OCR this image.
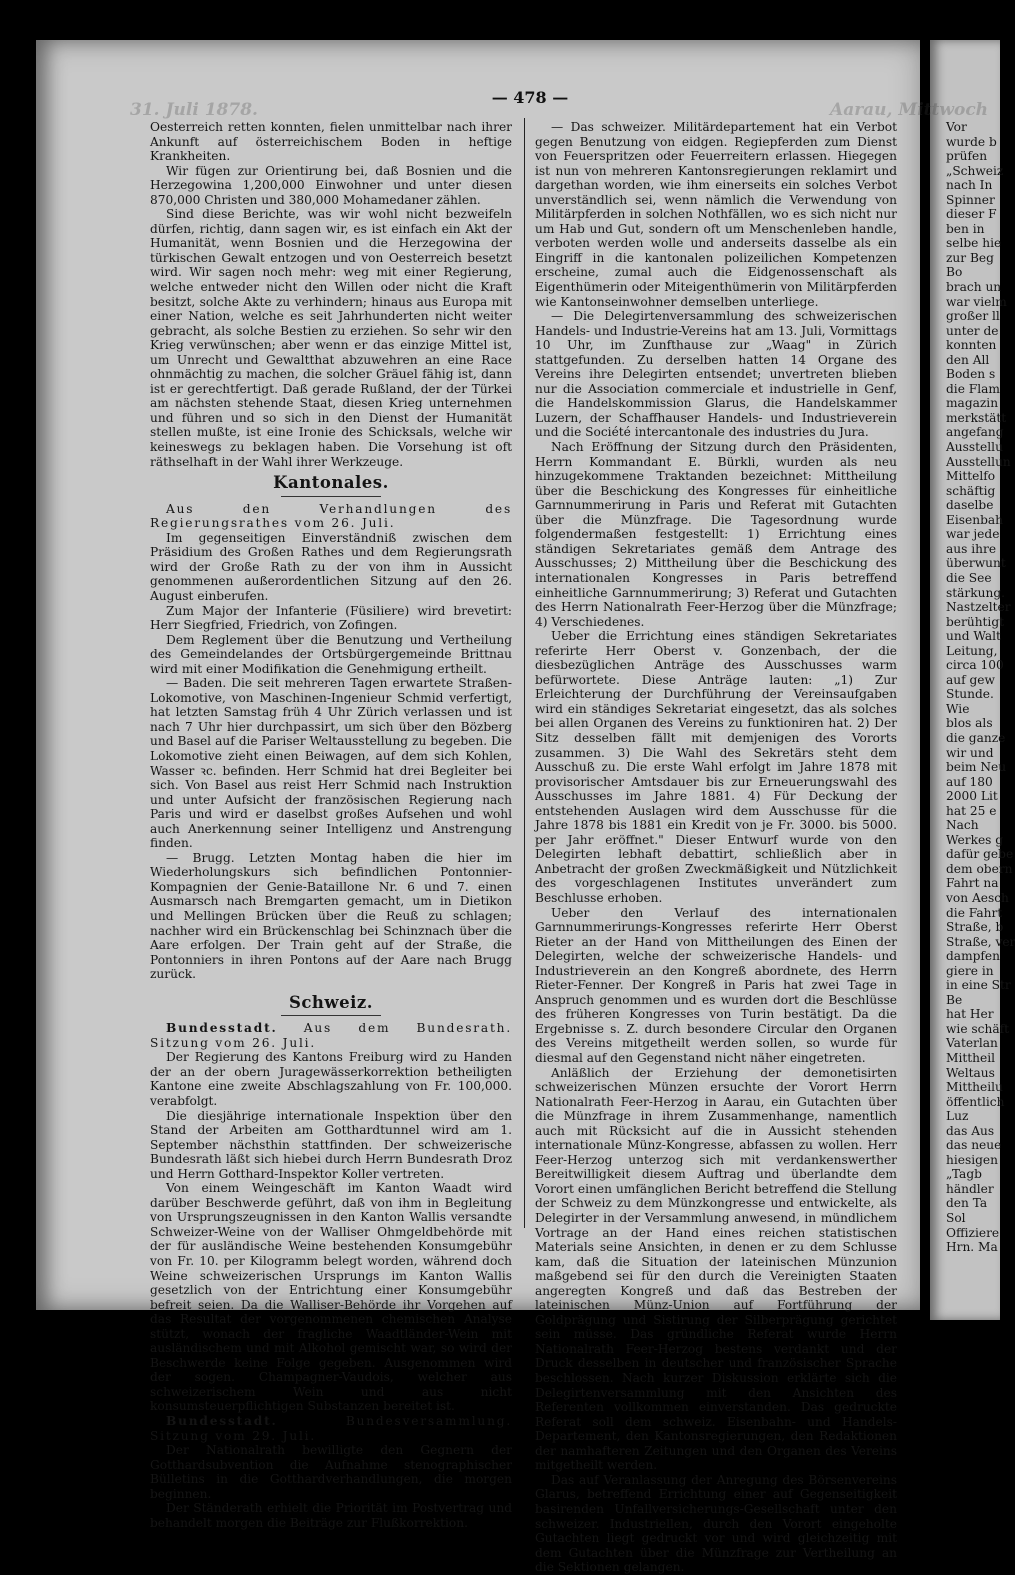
31. Juli 1878.	Aarau, Mittwoch
— 478 —

Oesterreich retten konnten, fielen unmittelbar nach ihrer Ankunft auf österreichischem Boden in heftige Krankheiten.

Wir fügen zur Orientirung bei, daß Bosnien und die Herzegowina 1,200,000 Einwohner und unter diesen 870,000 Christen und 380,000 Mohamedaner zählen.

Sind diese Berichte, was wir wohl nicht bezweifeln dürfen, richtig, dann sagen wir, es ist einfach ein Akt der Humanität, wenn Bosnien und die Herzegowina der türkischen Gewalt entzogen und von Oesterreich besetzt wird. Wir sagen noch mehr: weg mit einer Regierung, welche entweder nicht den Willen oder nicht die Kraft besitzt, solche Akte zu verhindern; hinaus aus Europa mit einer Nation, welche es seit Jahrhunderten nicht weiter gebracht, als solche Bestien zu erziehen. So sehr wir den Krieg verwünschen; aber wenn er das einzige Mittel ist, um Unrecht und Gewaltthat abzuwehren an eine Race ohnmächtig zu machen, die solcher Gräuel fähig ist, dann ist er gerechtfertigt. Daß gerade Rußland, der der Türkei am nächsten stehende Staat, diesen Krieg unternehmen und führen und so sich in den Dienst der Humanität stellen mußte, ist eine Ironie des Schicksals, welche wir keineswegs zu beklagen haben. Die Vorsehung ist oft räthselhaft in der Wahl ihrer Werkzeuge.

Kantonales.

Aus den Verhandlungen des Regierungsrathes vom 26. Juli.

Im gegenseitigen Einverständniß zwischen dem Präsidium des Großen Rathes und dem Regierungsrath wird der Große Rath zu der von ihm in Aussicht genommenen außerordentlichen Sitzung auf den 26. August einberufen.

Zum Major der Infanterie (Füsiliere) wird brevetirt: Herr Siegfried, Friedrich, von Zofingen.

Dem Reglement über die Benutzung und Vertheilung des Gemeindelandes der Ortsbürgergemeinde Brittnau wird mit einer Modifikation die Genehmigung ertheilt.

— Baden. Die seit mehreren Tagen erwartete Straßen-Lokomotive, von Maschinen-Ingenieur Schmid verfertigt, hat letzten Samstag früh 4 Uhr Zürich verlassen und ist nach 7 Uhr hier durchpassirt, um sich über den Bözberg und Basel auf die Pariser Weltausstellung zu begeben. Die Lokomotive zieht einen Beiwagen, auf dem sich Kohlen, Wasser ꝛc. befinden. Herr Schmid hat drei Begleiter bei sich. Von Basel aus reist Herr Schmid nach Instruktion und unter Aufsicht der französischen Regierung nach Paris und wird er daselbst großes Aufsehen und wohl auch Anerkennung seiner Intelligenz und Anstrengung finden.

— Brugg. Letzten Montag haben die hier im Wiederholungskurs sich befindlichen Pontonnier-Kompagnien der Genie-Bataillone Nr. 6 und 7. einen Ausmarsch nach Bremgarten gemacht, um in Dietikon und Mellingen Brücken über die Reuß zu schlagen; nachher wird ein Brückenschlag bei Schinznach über die Aare erfolgen. Der Train geht auf der Straße, die Pontonniers in ihren Pontons auf der Aare nach Brugg zurück.

Schweiz.

Bundesstadt. Aus dem Bundesrath. Sitzung vom 26. Juli.

Der Regierung des Kantons Freiburg wird zu Handen der an der obern Juragewässerkorrektion betheiligten Kantone eine zweite Abschlagszahlung von Fr. 100,000. verabfolgt.

Die diesjährige internationale Inspektion über den Stand der Arbeiten am Gotthardtunnel wird am 1. September nächsthin stattfinden. Der schweizerische Bundesrath läßt sich hiebei durch Herrn Bundesrath Droz und Herrn Gotthard-Inspektor Koller vertreten.

Von einem Weingeschäft im Kanton Waadt wird darüber Beschwerde geführt, daß von ihm in Begleitung von Ursprungszeugnissen in den Kanton Wallis versandte Schweizer-Weine von der Walliser Ohmgeldbehörde mit der für ausländische Weine bestehenden Konsumgebühr von Fr. 10. per Kilogramm belegt worden, während doch Weine schweizerischen Ursprungs im Kanton Wallis gesetzlich von der Entrichtung einer Konsumgebühr befreit seien. Da die Walliser-Behörde ihr Vorgehen auf das Resultat der vorgenommenen chemischen Analyse stützt, wonach der fragliche Waadtländer-Wein mit ausländischem und mit Alkohol gemischt war, so wird der Beschwerde keine Folge gegeben. Ausgenommen wird der sogen. Champagner-Vaudois, welcher aus schweizerischem Wein und aus nicht konsumsteuerpflichtigen Substanzen bereitet ist.

Bundesstadt.	Bundesversammlung. Sitzung vom 29. Juli.

Der Nationalrath bewilligte den Gegnern der Gotthardsubvention die Aufnahme stenographischer Bülletins in die Gotthardverhandlungen, die morgen beginnen.

Der Ständerath erhielt die Priorität im Postvertrag und behandelt morgen die Beiträge zur Flußkorrektion.

— Das schweizer. Militärdepartement hat ein Verbot gegen Benutzung von eidgen. Regiepferden zum Dienst von Feuerspritzen oder Feuerreitern erlassen. Hiegegen ist nun von mehreren Kantonsregierungen reklamirt und dargethan worden, wie ihm einerseits ein solches Verbot unverständlich sei, wenn nämlich die Verwendung von Militärpferden in solchen Nothfällen, wo es sich nicht nur um Hab und Gut, sondern oft um Menschenleben handle, verboten werden wolle und anderseits dasselbe als ein Eingriff in die kantonalen polizeilichen Kompetenzen erscheine, zumal auch die Eidgenossenschaft als Eigenthümerin oder Miteigenthümerin von Militärpferden wie Kantonseinwohner demselben unterliege.

— Die Delegirtenversammlung des schweizerischen Handels- und Industrie-Vereins hat am 13. Juli, Vormittags 10 Uhr, im Zunfthause zur „Waag" in Zürich stattgefunden. Zu derselben hatten 14 Organe des Vereins ihre Delegirten entsendet; unvertreten blieben nur die Association commerciale et industrielle in Genf, die Handelskommission Glarus, die Handelskammer Luzern, der Schaffhauser Handels- und Industrieverein und die Société intercantonale des industries du Jura.

Nach Eröffnung der Sitzung durch den Präsidenten, Herrn Kommandant E. Bürkli, wurden als neu hinzugekommene Traktanden bezeichnet: Mittheilung über die Beschickung des Kongresses für einheitliche Garnnummerirung in Paris und Referat mit Gutachten über die Münzfrage. Die Tagesordnung wurde folgendermaßen festgestellt: 1) Errichtung eines ständigen Sekretariates gemäß dem Antrage des Ausschusses; 2) Mittheilung über die Beschickung des internationalen Kongresses in Paris betreffend einheitliche Garnnummerirung; 3) Referat und Gutachten des Herrn Nationalrath Feer-Herzog über die Münzfrage; 4) Verschiedenes.

Ueber die Errichtung eines ständigen Sekretariates referirte Herr Oberst v. Gonzenbach, der die diesbezüglichen Anträge des Ausschusses warm befürwortete. Diese Anträge lauten: „1) Zur Erleichterung der Durchführung der Vereinsaufgaben wird ein ständiges Sekretariat eingesetzt, das als solches bei allen Organen des Vereins zu funktioniren hat. 2) Der Sitz desselben fällt mit demjenigen des Vororts zusammen. 3) Die Wahl des Sekretärs steht dem Ausschuß zu. Die erste Wahl erfolgt im Jahre 1878 mit provisorischer Amtsdauer bis zur Erneuerungswahl des Ausschusses im Jahre 1881. 4) Für Deckung der entstehenden Auslagen wird dem Ausschusse für die Jahre 1878 bis 1881 ein Kredit von je Fr. 3000. bis 5000. per Jahr eröffnet." Dieser Entwurf wurde von den Delegirten lebhaft debattirt, schließlich aber in Anbetracht der großen Zweckmäßigkeit und Nützlichkeit des vorgeschlagenen Institutes unverändert zum Beschlusse erhoben.

Ueber den Verlauf des internationalen Garnnummerirungs-Kongresses referirte Herr Oberst Rieter an der Hand von Mittheilungen des Einen der Delegirten, welche der schweizerische Handels- und Industrieverein an den Kongreß abordnete, des Herrn Rieter-Fenner. Der Kongreß in Paris hat zwei Tage in Anspruch genommen und es wurden dort die Beschlüsse des früheren Kongresses von Turin bestätigt. Da die Ergebnisse s. Z. durch besondere Circular den Organen des Vereins mitgetheilt werden sollen, so wurde für diesmal auf den Gegenstand nicht näher eingetreten.

Anläßlich der Erziehung der demonetisirten schweizerischen Münzen ersuchte der Vorort Herrn Nationalrath Feer-Herzog in Aarau, ein Gutachten über die Münzfrage in ihrem Zusammenhange, namentlich auch mit Rücksicht auf die in Aussicht stehenden internationale Münz-Kongresse, abfassen zu wollen. Herr Feer-Herzog unterzog sich mit verdankenswerther Bereitwilligkeit diesem Auftrag und überlandte dem Vorort einen umfänglichen Bericht betreffend die Stellung der Schweiz zu dem Münzkongresse und entwickelte, als Delegirter in der Versammlung anwesend, in mündlichem Vortrage an der Hand eines reichen statistischen Materials seine Ansichten, in denen er zu dem Schlusse kam, daß die Situation der lateinischen Münzunion maßgebend sei für den durch die Vereinigten Staaten angeregten Kongreß und daß das Bestreben der lateinischen Münz-Union auf Fortführung der Goldprägung und Sistirung der Silberprägung gerichtet sein müsse. Das gründliche Referat wurde Herrn Nationalrath Feer-Herzog bestens verdankt und der Druck desselben in deutscher und französischer Sprache beschlossen. Nach kurzer Diskussion erklärte sich die Delegirtenversammlung mit den Ansichten des Referenten vollkommen einverstanden. Das gedruckte Referat soll dem schweiz. Eisenbahn- und Handels-Departement, den Kantonsregierungen, den Redaktionen der namhafteren Zeitungen und den Organen des Vereins mitgetheilt werden.

Das auf Veranlassung der Anregung des Börsenvereins Glarus, betreffend Errichtung einer auf Gegenseitigkeit basirenden Unfallversicherungs-Gesellschaft unter den schweizer. Industriellen, durch den Vorort eingeholte Gutachten liegt gedruckt vor und wird gleichzeitig mit dem Gutachten über die Münzfrage zur Vertheilung an die Sektionen gelangen.

Vor
wurde b
prüfen
„Schweiz
nach In
Spinner
dieser F
ben in
selbe hie
zur Beg
Bo
brach un
war vielm
großer ll
unter de
konnten
den All
Boden s
die Flam
magazin
merkstätt
angefang
Ausstellu
Ausstellun
Mittelfo
schäftig
daselbe
Eisenbah
war jede
aus ihre
überwunt
die See
stärkung.
Nastzelter
berühtigt
und Walt
Leitung,
circa 100
auf gew
Stunde.
Wie
blos als
die ganze
wir und
beim Neu
auf 180
2000 Lit
hat 25 e
Nach
Werkes g
dafür gebe
dem obern
Fahrt na
von Aesch
die Fahrt
Straße, b
Straße, ver
dampfen
giere in
in eine Str
Be
hat Her
wie schäft
Vaterlan
Mittheil
Weltaus
Mittheilu
öffentlich
Luz
das Aus
das neue
hiesigen
„Tagb
händler
den Ta
Sol
Offiziere
Hrn. Ma
